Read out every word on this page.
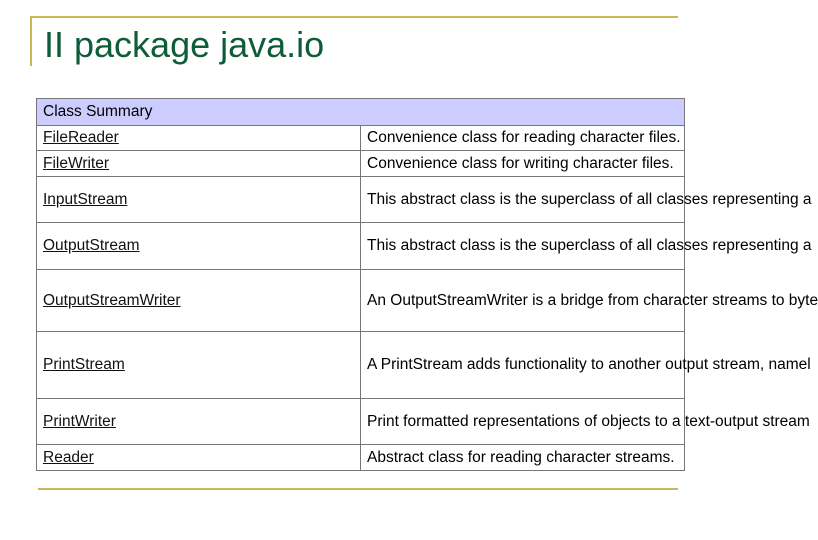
II package java.io
Class Summary	
FileReader	Convenience class for reading character files.
FileWriter	Convenience class for writing character files.
InputStream	This abstract class is the superclass of all classes representing a
OutputStream	This abstract class is the superclass of all classes representing a
OutputStreamWriter	An OutputStreamWriter is a bridge from character streams to byte
PrintStream	A PrintStream adds functionality to another output stream, namel
PrintWriter	Print formatted representations of objects to a text-output stream
Reader	Abstract class for reading character streams.
